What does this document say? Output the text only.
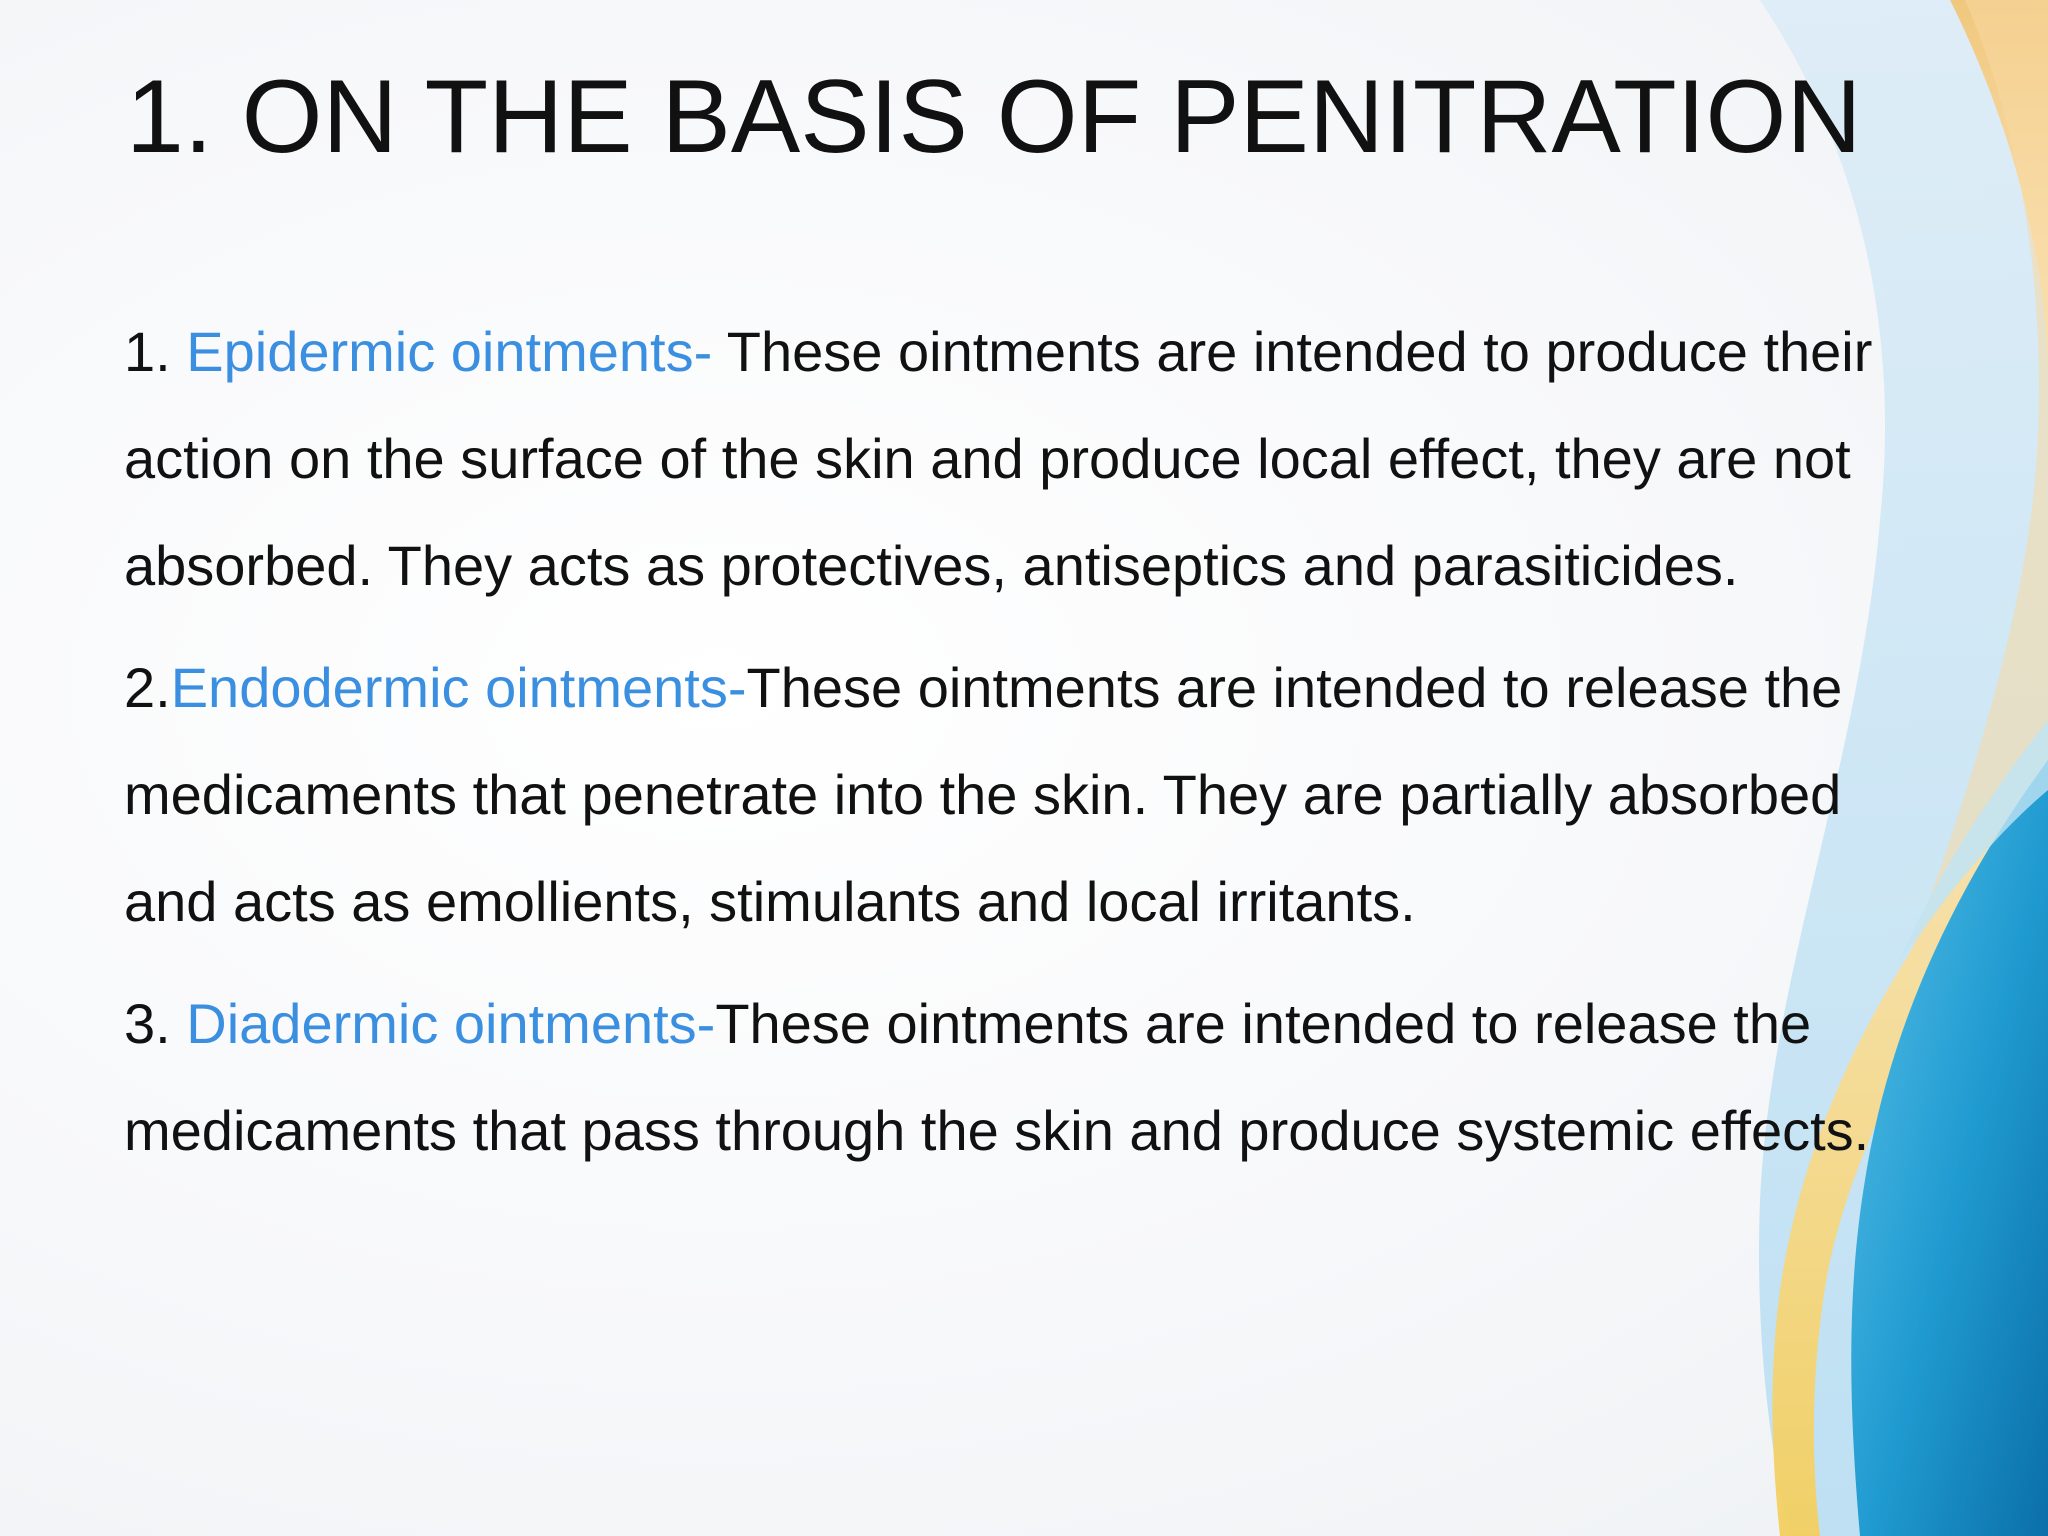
1. ON THE BASIS OF PENITRATION

1. Epidermic ointments- These ointments are intended to produce their action on the surface of the skin and produce local effect, they are not absorbed. They acts as protectives, antiseptics and parasiticides.

2.Endodermic ointments-These ointments are intended to release the medicaments that penetrate into the skin. They are partially absorbed and acts as emollients, stimulants and local irritants.

3. Diadermic ointments-These ointments are intended to release the medicaments that pass through the skin and produce systemic effects.
